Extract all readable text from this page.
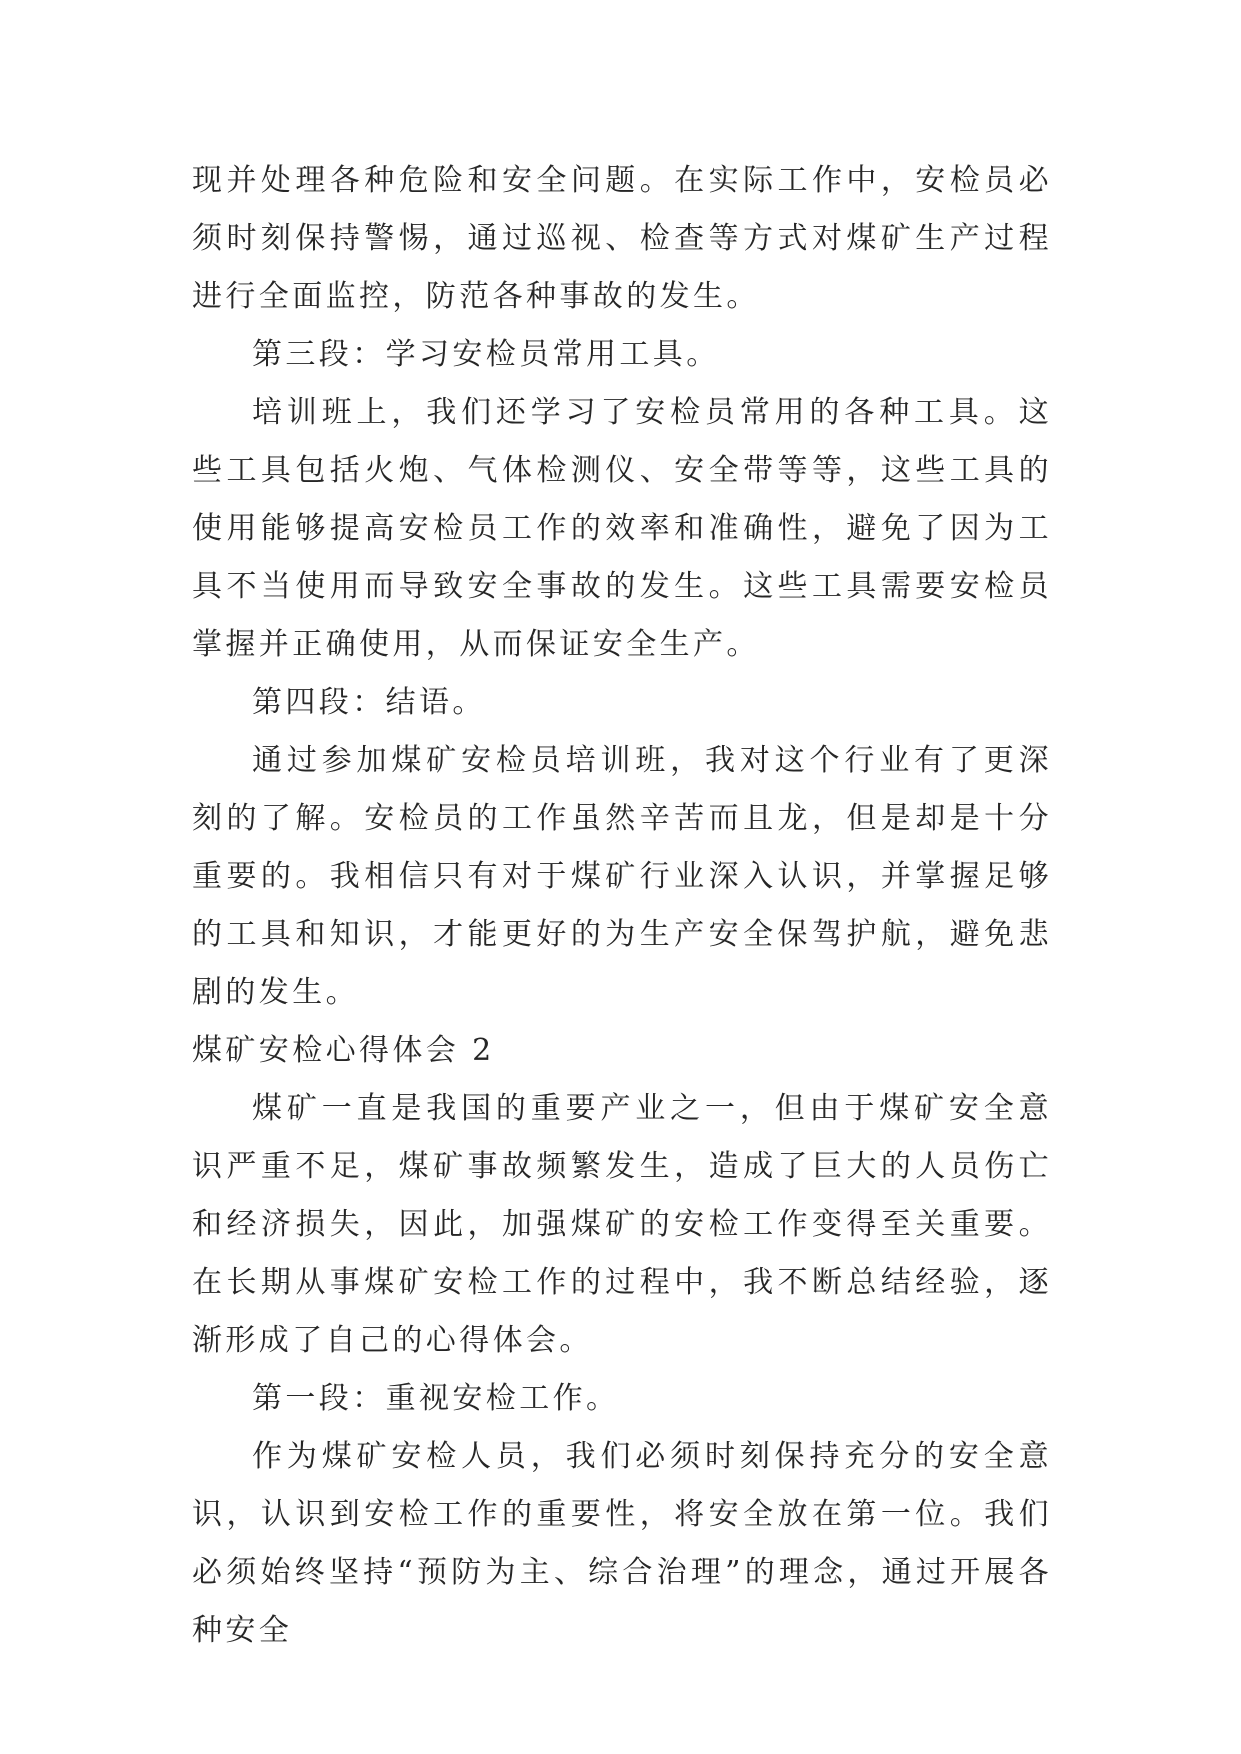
现并处理各种危险和安全问题。在实际工作中，安检员必须时刻保持警惕，通过巡视、检查等方式对煤矿生产过程进行全面监控，防范各种事故的发生。

第三段：学习安检员常用工具。

培训班上，我们还学习了安检员常用的各种工具。这些工具包括火炮、气体检测仪、安全带等等，这些工具的使用能够提高安检员工作的效率和准确性，避免了因为工具不当使用而导致安全事故的发生。这些工具需要安检员掌握并正确使用，从而保证安全生产。

第四段：结语。

通过参加煤矿安检员培训班，我对这个行业有了更深刻的了解。安检员的工作虽然辛苦而且龙，但是却是十分重要的。我相信只有对于煤矿行业深入认识，并掌握足够的工具和知识，才能更好的为生产安全保驾护航，避免悲剧的发生。

煤矿安检心得体会 2

煤矿一直是我国的重要产业之一，但由于煤矿安全意识严重不足，煤矿事故频繁发生，造成了巨大的人员伤亡和经济损失，因此，加强煤矿的安检工作变得至关重要。在长期从事煤矿安检工作的过程中，我不断总结经验，逐渐形成了自己的心得体会。

第一段：重视安检工作。

作为煤矿安检人员，我们必须时刻保持充分的安全意识，认识到安检工作的重要性，将安全放在第一位。我们必须始终坚持“预防为主、综合治理”的理念，通过开展各种安全
